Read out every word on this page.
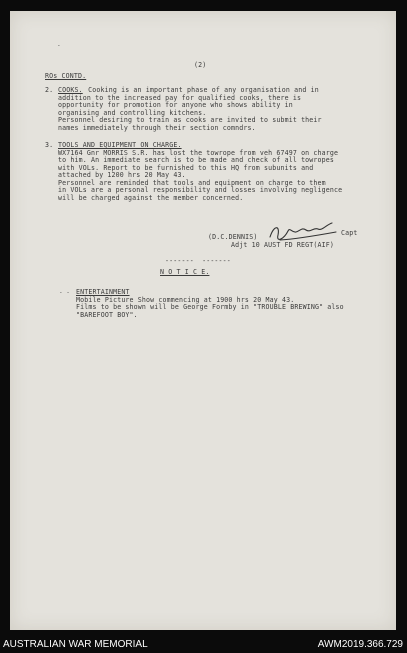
-
(2)
ROs CONTD.
2. COOKS. Cooking is an important phase of any organisation and in
addition to the increased pay for qualified cooks, there is
opportunity for promotion for anyone who shows ability in
organising and controlling kitchens.
Personnel desiring to train as cooks are invited to submit their
names immediately through their section comndrs.
3. TOOLS AND EQUIPMENT ON CHARGE.
WX7164 Gnr MORRIS S.R. has lost the towrope from veh 67497 on charge
to him. An immediate search is to be made and check of all towropes
with VOLs. Report to be furnished to this HQ from subunits and
attached by 1200 hrs 20 May 43.
Personnel are reminded that tools and equipment on charge to them
in VOLs are a personal responsibility and losses involving negligence
will be charged against the member concerned.
Capt
(D.C.DENNIS)
Adjt 10 AUST FD REGT(AIF)
-------  -------
N O T I C E.
- - ENTERTAINMENT
Mobile Picture Show commencing at 1900 hrs 20 May 43.
Films to be shown will be George Formby in "TROUBLE BREWING" also
"BAREFOOT BOY".
AUSTRALIAN WAR MEMORIAL	AWM2019.366.729
